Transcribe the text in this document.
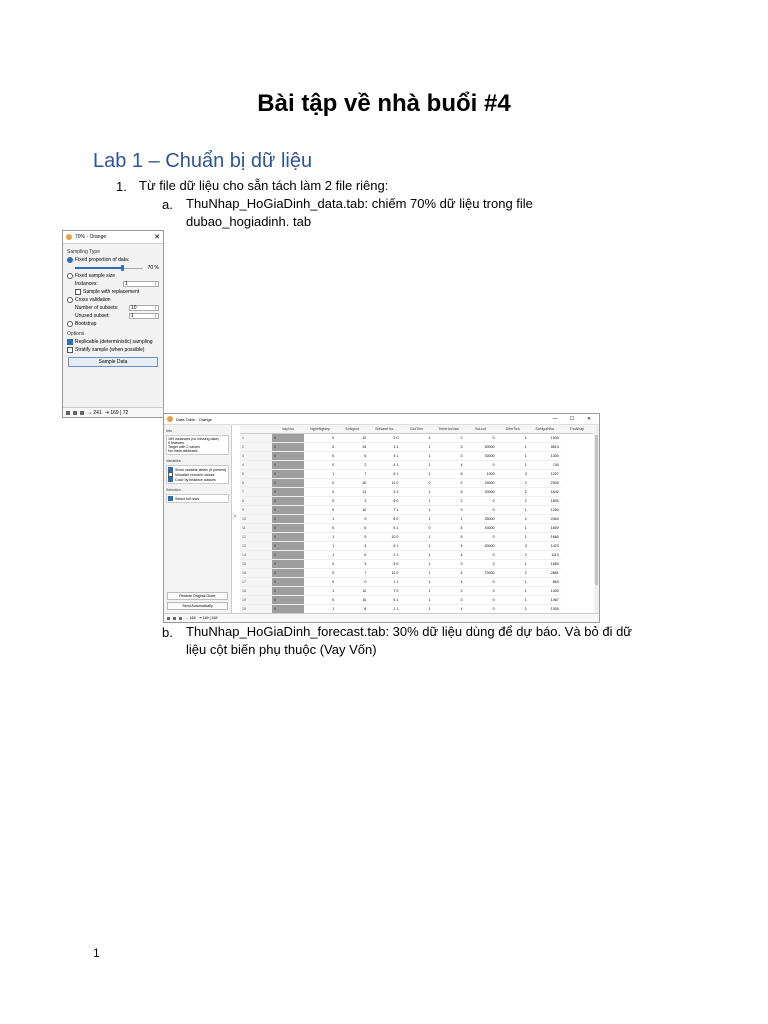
Bài tập về nhà buổi #4
Lab 1 – Chuẩn bị dữ liệu
1. Từ file dữ liệu cho sẵn tách làm 2 file riêng:

a. ThuNhap_HoGiaDinh_data.tab: chiếm 70% dữ liệu trong file

dubao_hogiadinh. tab

70% - Orange	✕
Sampling Type
Fixed proportion of data:
70 %
Fixed sample size
Instances:	1	↕
Sample with replacement
Cross validation
Number of subsets:	10	↕
Unused subset:	1	↕
Bootstrap
Options
Replicable (deterministic) sampling
Stratify sample (when possible)
Sample Data
→ 241 ⇥ 169 | 72
Data Table - Orange	—	☐	✕
Info
169 instances (no missing data)
9 features
Target with 2 values
No meta attributes.
Variables
Show variable labels (if present)
Visualize numeric values
Color by instance classes
Selection
Select full rows
Restore Original Order
Send Automatically
>
	VayVon	NgheNghiep	SoNguoi	SoNamHoc	GioiTinh	TrinhHocVan	SoLuoi	DienTich	SoNgoiNha	ThuNhap
1	0	0	10	2 0	1	2	0	1	1530	
2	0	0	34	3 1	1	3	50000	1	5613	
3	0	0	6	4 1	1	3	30000	1	1300	
4	0	0	2	4 1	1	4	0	1	740	
5	0	1	7	6 1	1	5	1000	3	1207	
6	0	0	20	11 0	0	2	24000	2	2303	
7	0	0	11	3 1	1	6	30000	2	1642	
8	0	0	3	6 0	1	2	0	2	1600	
9	0	0	10	7 1	1	3	0	1	1260	
10	0	1	9	6 0	1	1	25000	2	2400	
11	0	0	6	5 1	0	4	43000	1	1600	
12	0	1	5	10 0	1	5	0	1	1660	
13	0	1	4	6 1	1	4	50000	3	1423	
14	0	1	6	2 1	1	4	0	2	1113	
15	0	0	3	5 0	1	3	0	1	1650	
16	0	0	7	11 0	1	4	70000	2	2661	
17	0	0	0	1 1	1	4	0	1	853	
18	0	1	12	7 0	1	2	0	1	1300	
19	0	0	10	5 1	1	3	0	1	1467	
20	0	1	8	1 1	1	4	0	2	1300	

→ 169 ⇥ 169 | 169
b. ThuNhap_HoGiaDinh_forecast.tab: 30% dữ liệu dùng để dự báo. Và bỏ đi dữ

liệu cột biến phụ thuộc (Vay Vốn)

1
